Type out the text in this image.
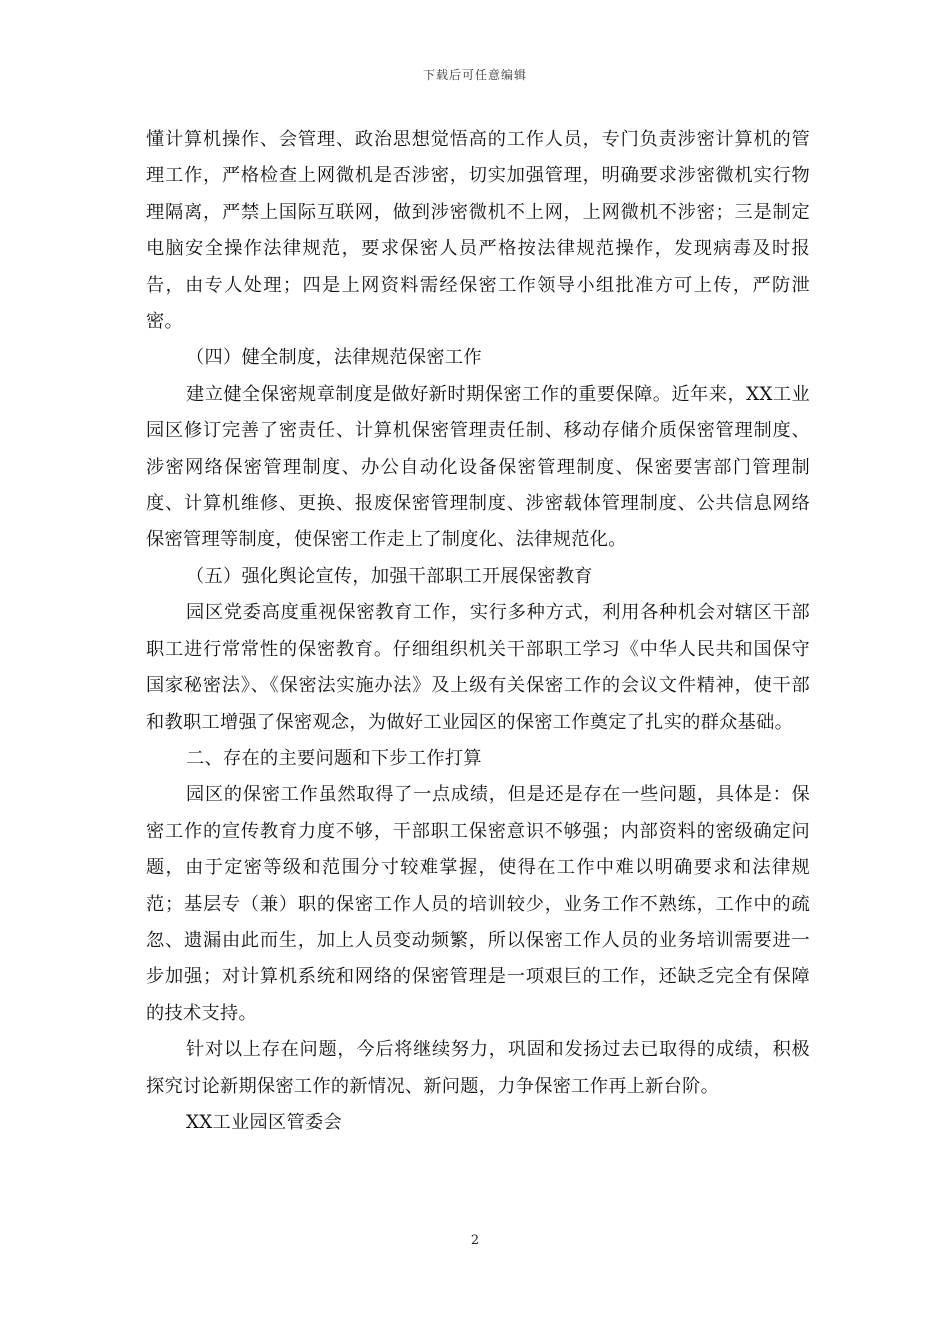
下载后可任意编辑

懂计算机操作、会管理、政治思想觉悟高的工作人员，专门负责涉密计算机的管理工作，严格检查上网微机是否涉密，切实加强管理，明确要求涉密微机实行物理隔离，严禁上国际互联网，做到涉密微机不上网，上网微机不涉密；三是制定电脑安全操作法律规范，要求保密人员严格按法律规范操作，发现病毒及时报告，由专人处理；四是上网资料需经保密工作领导小组批准方可上传，严防泄密。

（四）健全制度，法律规范保密工作

建立健全保密规章制度是做好新时期保密工作的重要保障。近年来，XX工业园区修订完善了密责任、计算机保密管理责任制、移动存储介质保密管理制度、涉密网络保密管理制度、办公自动化设备保密管理制度、保密要害部门管理制度、计算机维修、更换、报废保密管理制度、涉密载体管理制度、公共信息网络保密管理等制度，使保密工作走上了制度化、法律规范化。

（五）强化舆论宣传，加强干部职工开展保密教育

园区党委高度重视保密教育工作，实行多种方式，利用各种机会对辖区干部职工进行常常性的保密教育。仔细组织机关干部职工学习《中华人民共和国保守国家秘密法》、《保密法实施办法》及上级有关保密工作的会议文件精神，使干部和教职工增强了保密观念，为做好工业园区的保密工作奠定了扎实的群众基础。

二、存在的主要问题和下步工作打算

园区的保密工作虽然取得了一点成绩，但是还是存在一些问题，具体是：保密工作的宣传教育力度不够，干部职工保密意识不够强；内部资料的密级确定问题，由于定密等级和范围分寸较难掌握，使得在工作中难以明确要求和法律规范；基层专（兼）职的保密工作人员的培训较少，业务工作不熟练，工作中的疏忽、遗漏由此而生，加上人员变动频繁，所以保密工作人员的业务培训需要进一步加强；对计算机系统和网络的保密管理是一项艰巨的工作，还缺乏完全有保障的技术支持。

针对以上存在问题，今后将继续努力，巩固和发扬过去已取得的成绩，积极探究讨论新期保密工作的新情况、新问题，力争保密工作再上新台阶。

XX工业园区管委会

2
